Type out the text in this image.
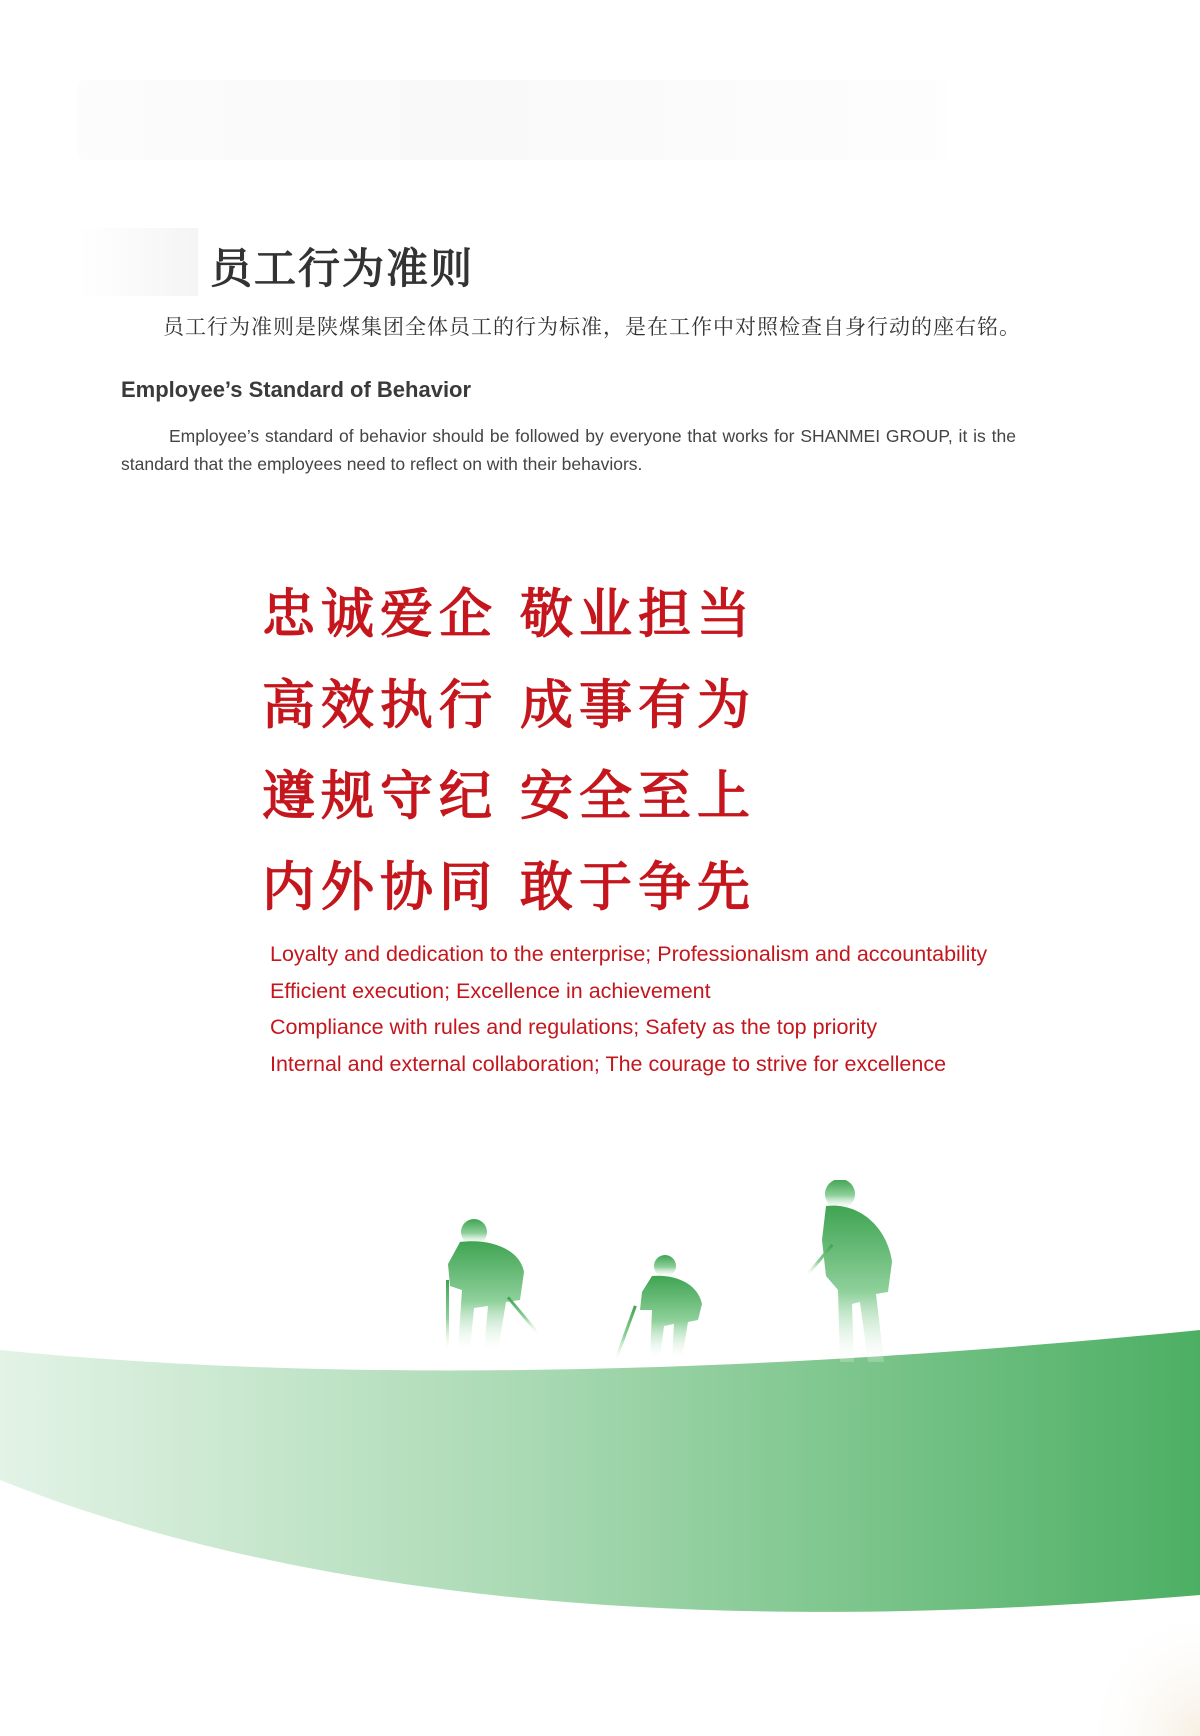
员工行为准则

员工行为准则是陕煤集团全体员工的行为标准，是在工作中对照检查自身行动的座右铭。

Employee’s Standard of Behavior

Employee’s standard of behavior should be followed by everyone that works for SHANMEI GROUP, it is the standard that the employees need to reflect on with their behaviors.

忠诚爱企 敬业担当
高效执行 成事有为
遵规守纪 安全至上
内外协同 敢于争先
Loyalty and dedication to the enterprise; Professionalism and accountability
Efficient execution; Excellence in achievement
Compliance with rules and regulations; Safety as the top priority
Internal and external collaboration; The courage to strive for excellence
